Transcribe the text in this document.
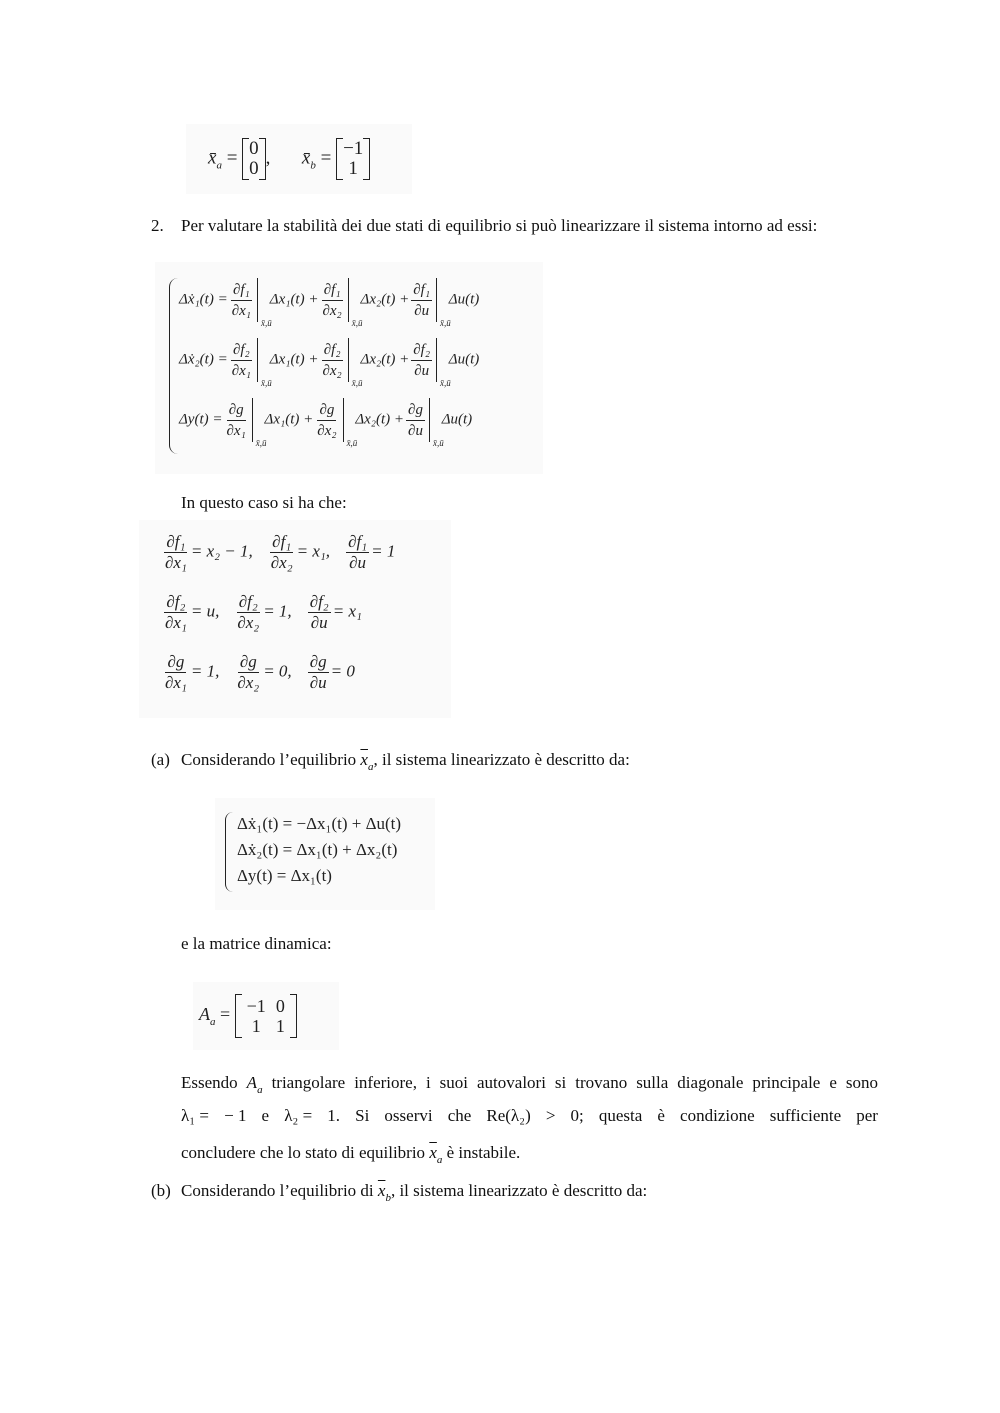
$x̄_a = 0$
0
, $x̄_b = -1$
1
2. Per valutare la stabilità dei due stati di equilibrio si può linearizzare il sistema intorno ad essi:
Δẋ₁(t) = $\frac{\text{∂f₁}}{\text{∂x₁}}$
x̄,ū
$\Delta x_1(t) + \frac{\text{∂f₁}}{\text{∂x₂}}$
x̄,ū
$\Delta x_2(t) + \frac{\text{∂f₁}}{\partial u}$
x̄,ū
Δu(t)
Δẋ₂(t) = $\frac{\text{∂f₂}}{\text{∂x₁}}$
x̄,ū
$\Delta x_1(t) + \frac{\text{∂f₂}}{\text{∂x₂}}$
x̄,ū
$\Delta x_2(t) + \frac{\text{∂f₂}}{\partial u}$
x̄,ū
Δu(t)
$\Delta y(t) = \frac{\partial g}{\text{∂x₁}}$
x̄,ū
$\Delta x_1(t) + \frac{\partial g}{\text{∂x₂}}$
x̄,ū
$\Delta x_2(t) + \frac{\partial g}{\partial u}$
x̄,ū
Δu(t)
In questo caso si ha che:
$\frac{\text{∂f₁}}{\text{∂x₁}} = x_2 - 1$, $\frac{\text{∂f₁}}{\text{∂x₂}} = x_1$, $\frac{\text{∂f₁}}{\partial u} = 1$
$\frac{\text{∂f₂}}{\text{∂x₁}} = u$, $\frac{\text{∂f₂}}{\text{∂x₂}} = 1$, $\frac{\text{∂f₂}}{\partial u} = x_1$
$\frac{\partial g}{\text{∂x₁}} = 1$, $\frac{\partial g}{\text{∂x₂}} = 0$, $\frac{\partial g}{\partial u} = 0$
(a) Considerando l’equilibrio $\overline{x}_a$, il sistema linearizzato è descritto da:
Δẋ₁(t) = −Δx₁(t) + Δu(t)
Δẋ₂(t) = Δx₁(t) + Δx₂(t)
Δy(t) = Δx₁(t)
e la matrice dinamica:
$A_a = -1$
1
0
1
Essendo $A_a$ triangolare inferiore, i suoi autovalori si trovano sulla diagonale principale e sono
λ₁ = − 1 e λ₂ = 1. Si osservi che Re(λ₂) > 0; questa è condizione sufficiente per
concludere che lo stato di equilibrio $\overline{x}_a$ è instabile.
(b) Considerando l’equilibrio di $\overline{x}_b$, il sistema linearizzato è descritto da:
